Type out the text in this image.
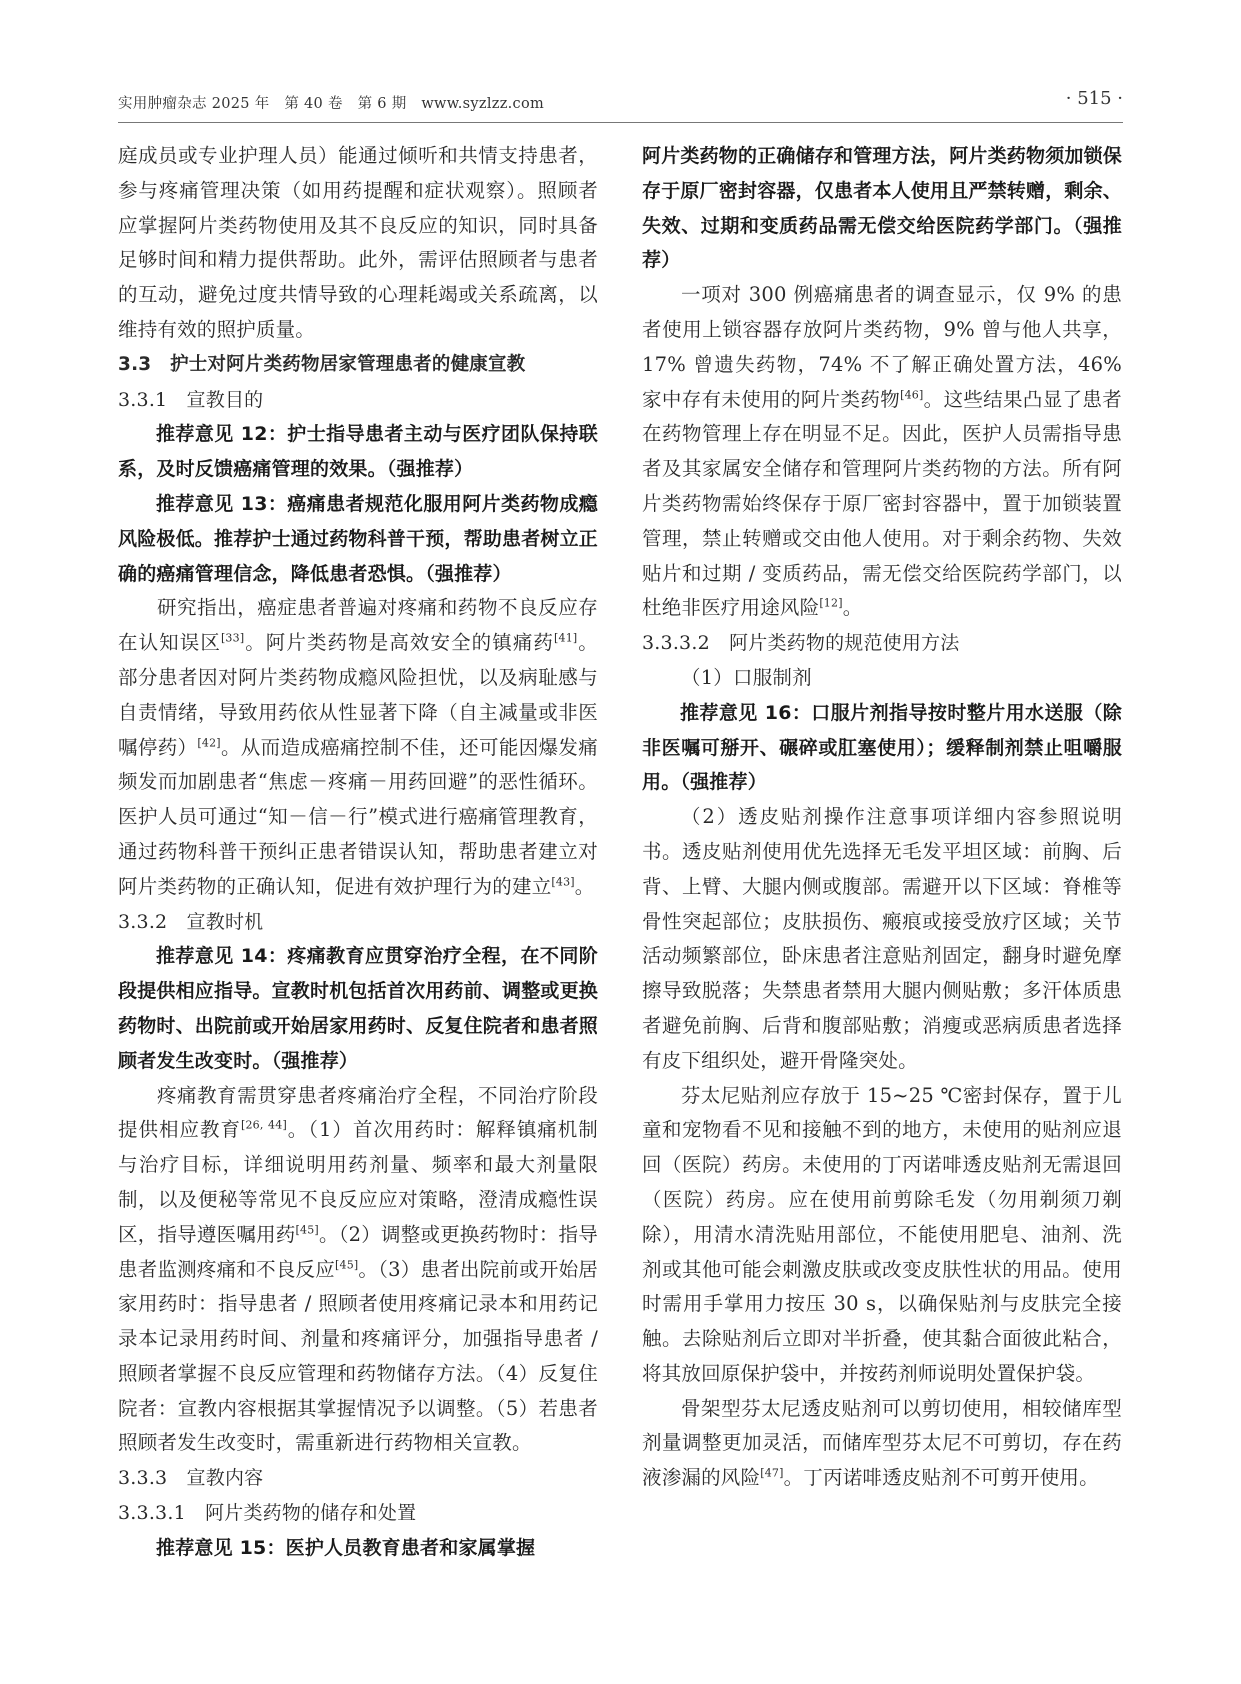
实用肿瘤杂志 2025 年　第 40 卷　第 6 期　www.syzlzz.com	· 515 ·

庭成员或专业护理人员）能通过倾听和共情支持患者，参与疼痛管理决策（如用药提醒和症状观察）。照顾者应掌握阿片类药物使用及其不良反应的知识，同时具备足够时间和精力提供帮助。此外，需评估照顾者与患者的互动，避免过度共情导致的心理耗竭或关系疏离，以维持有效的照护质量。

3.3　护士对阿片类药物居家管理患者的健康宣教

3.3.1　宣教目的

推荐意见 12：护士指导患者主动与医疗团队保持联系，及时反馈癌痛管理的效果。（强推荐）

推荐意见 13：癌痛患者规范化服用阿片类药物成瘾风险极低。推荐护士通过药物科普干预，帮助患者树立正确的癌痛管理信念，降低患者恐惧。（强推荐）

研究指出，癌症患者普遍对疼痛和药物不良反应存在认知误区[33]。阿片类药物是高效安全的镇痛药[41]。部分患者因对阿片类药物成瘾风险担忧，以及病耻感与自责情绪，导致用药依从性显著下降（自主减量或非医嘱停药）[42]。从而造成癌痛控制不佳，还可能因爆发痛频发而加剧患者“焦虑－疼痛－用药回避”的恶性循环。医护人员可通过“知－信－行”模式进行癌痛管理教育，通过药物科普干预纠正患者错误认知，帮助患者建立对阿片类药物的正确认知，促进有效护理行为的建立[43]。

3.3.2　宣教时机

推荐意见 14：疼痛教育应贯穿治疗全程，在不同阶段提供相应指导。宣教时机包括首次用药前、调整或更换药物时、出院前或开始居家用药时、反复住院者和患者照顾者发生改变时。（强推荐）

疼痛教育需贯穿患者疼痛治疗全程，不同治疗阶段提供相应教育[26, 44]。（1）首次用药时：解释镇痛机制与治疗目标，详细说明用药剂量、频率和最大剂量限制，以及便秘等常见不良反应应对策略，澄清成瘾性误区，指导遵医嘱用药[45]。（2）调整或更换药物时：指导患者监测疼痛和不良反应[45]。（3）患者出院前或开始居家用药时：指导患者 / 照顾者使用疼痛记录本和用药记录本记录用药时间、剂量和疼痛评分，加强指导患者 / 照顾者掌握不良反应管理和药物储存方法。（4）反复住院者：宣教内容根据其掌握情况予以调整。（5）若患者照顾者发生改变时，需重新进行药物相关宣教。

3.3.3　宣教内容

3.3.3.1　阿片类药物的储存和处置

推荐意见 15：医护人员教育患者和家属掌握

阿片类药物的正确储存和管理方法，阿片类药物须加锁保存于原厂密封容器，仅患者本人使用且严禁转赠，剩余、失效、过期和变质药品需无偿交给医院药学部门。（强推荐）

一项对 300 例癌痛患者的调查显示，仅 9% 的患者使用上锁容器存放阿片类药物，9% 曾与他人共享，17% 曾遗失药物，74% 不了解正确处置方法，46% 家中存有未使用的阿片类药物[46]。这些结果凸显了患者在药物管理上存在明显不足。因此，医护人员需指导患者及其家属安全储存和管理阿片类药物的方法。所有阿片类药物需始终保存于原厂密封容器中，置于加锁装置管理，禁止转赠或交由他人使用。对于剩余药物、失效贴片和过期 / 变质药品，需无偿交给医院药学部门，以杜绝非医疗用途风险[12]。

3.3.3.2　阿片类药物的规范使用方法

（1）口服制剂

推荐意见 16：口服片剂指导按时整片用水送服（除非医嘱可掰开、碾碎或肛塞使用）；缓释制剂禁止咀嚼服用。（强推荐）

（2）透皮贴剂操作注意事项详细内容参照说明书。透皮贴剂使用优先选择无毛发平坦区域：前胸、后背、上臂、大腿内侧或腹部。需避开以下区域：脊椎等骨性突起部位；皮肤损伤、瘢痕或接受放疗区域；关节活动频繁部位，卧床患者注意贴剂固定，翻身时避免摩擦导致脱落；失禁患者禁用大腿内侧贴敷；多汗体质患者避免前胸、后背和腹部贴敷；消瘦或恶病质患者选择有皮下组织处，避开骨隆突处。

芬太尼贴剂应存放于 15~25 ℃密封保存，置于儿童和宠物看不见和接触不到的地方，未使用的贴剂应退回（医院）药房。未使用的丁丙诺啡透皮贴剂无需退回（医院）药房。应在使用前剪除毛发（勿用剃须刀剃除），用清水清洗贴用部位，不能使用肥皂、油剂、洗剂或其他可能会刺激皮肤或改变皮肤性状的用品。使用时需用手掌用力按压 30 s，以确保贴剂与皮肤完全接触。去除贴剂后立即对半折叠，使其黏合面彼此粘合，将其放回原保护袋中，并按药剂师说明处置保护袋。

骨架型芬太尼透皮贴剂可以剪切使用，相较储库型剂量调整更加灵活，而储库型芬太尼不可剪切，存在药液渗漏的风险[47]。丁丙诺啡透皮贴剂不可剪开使用。
